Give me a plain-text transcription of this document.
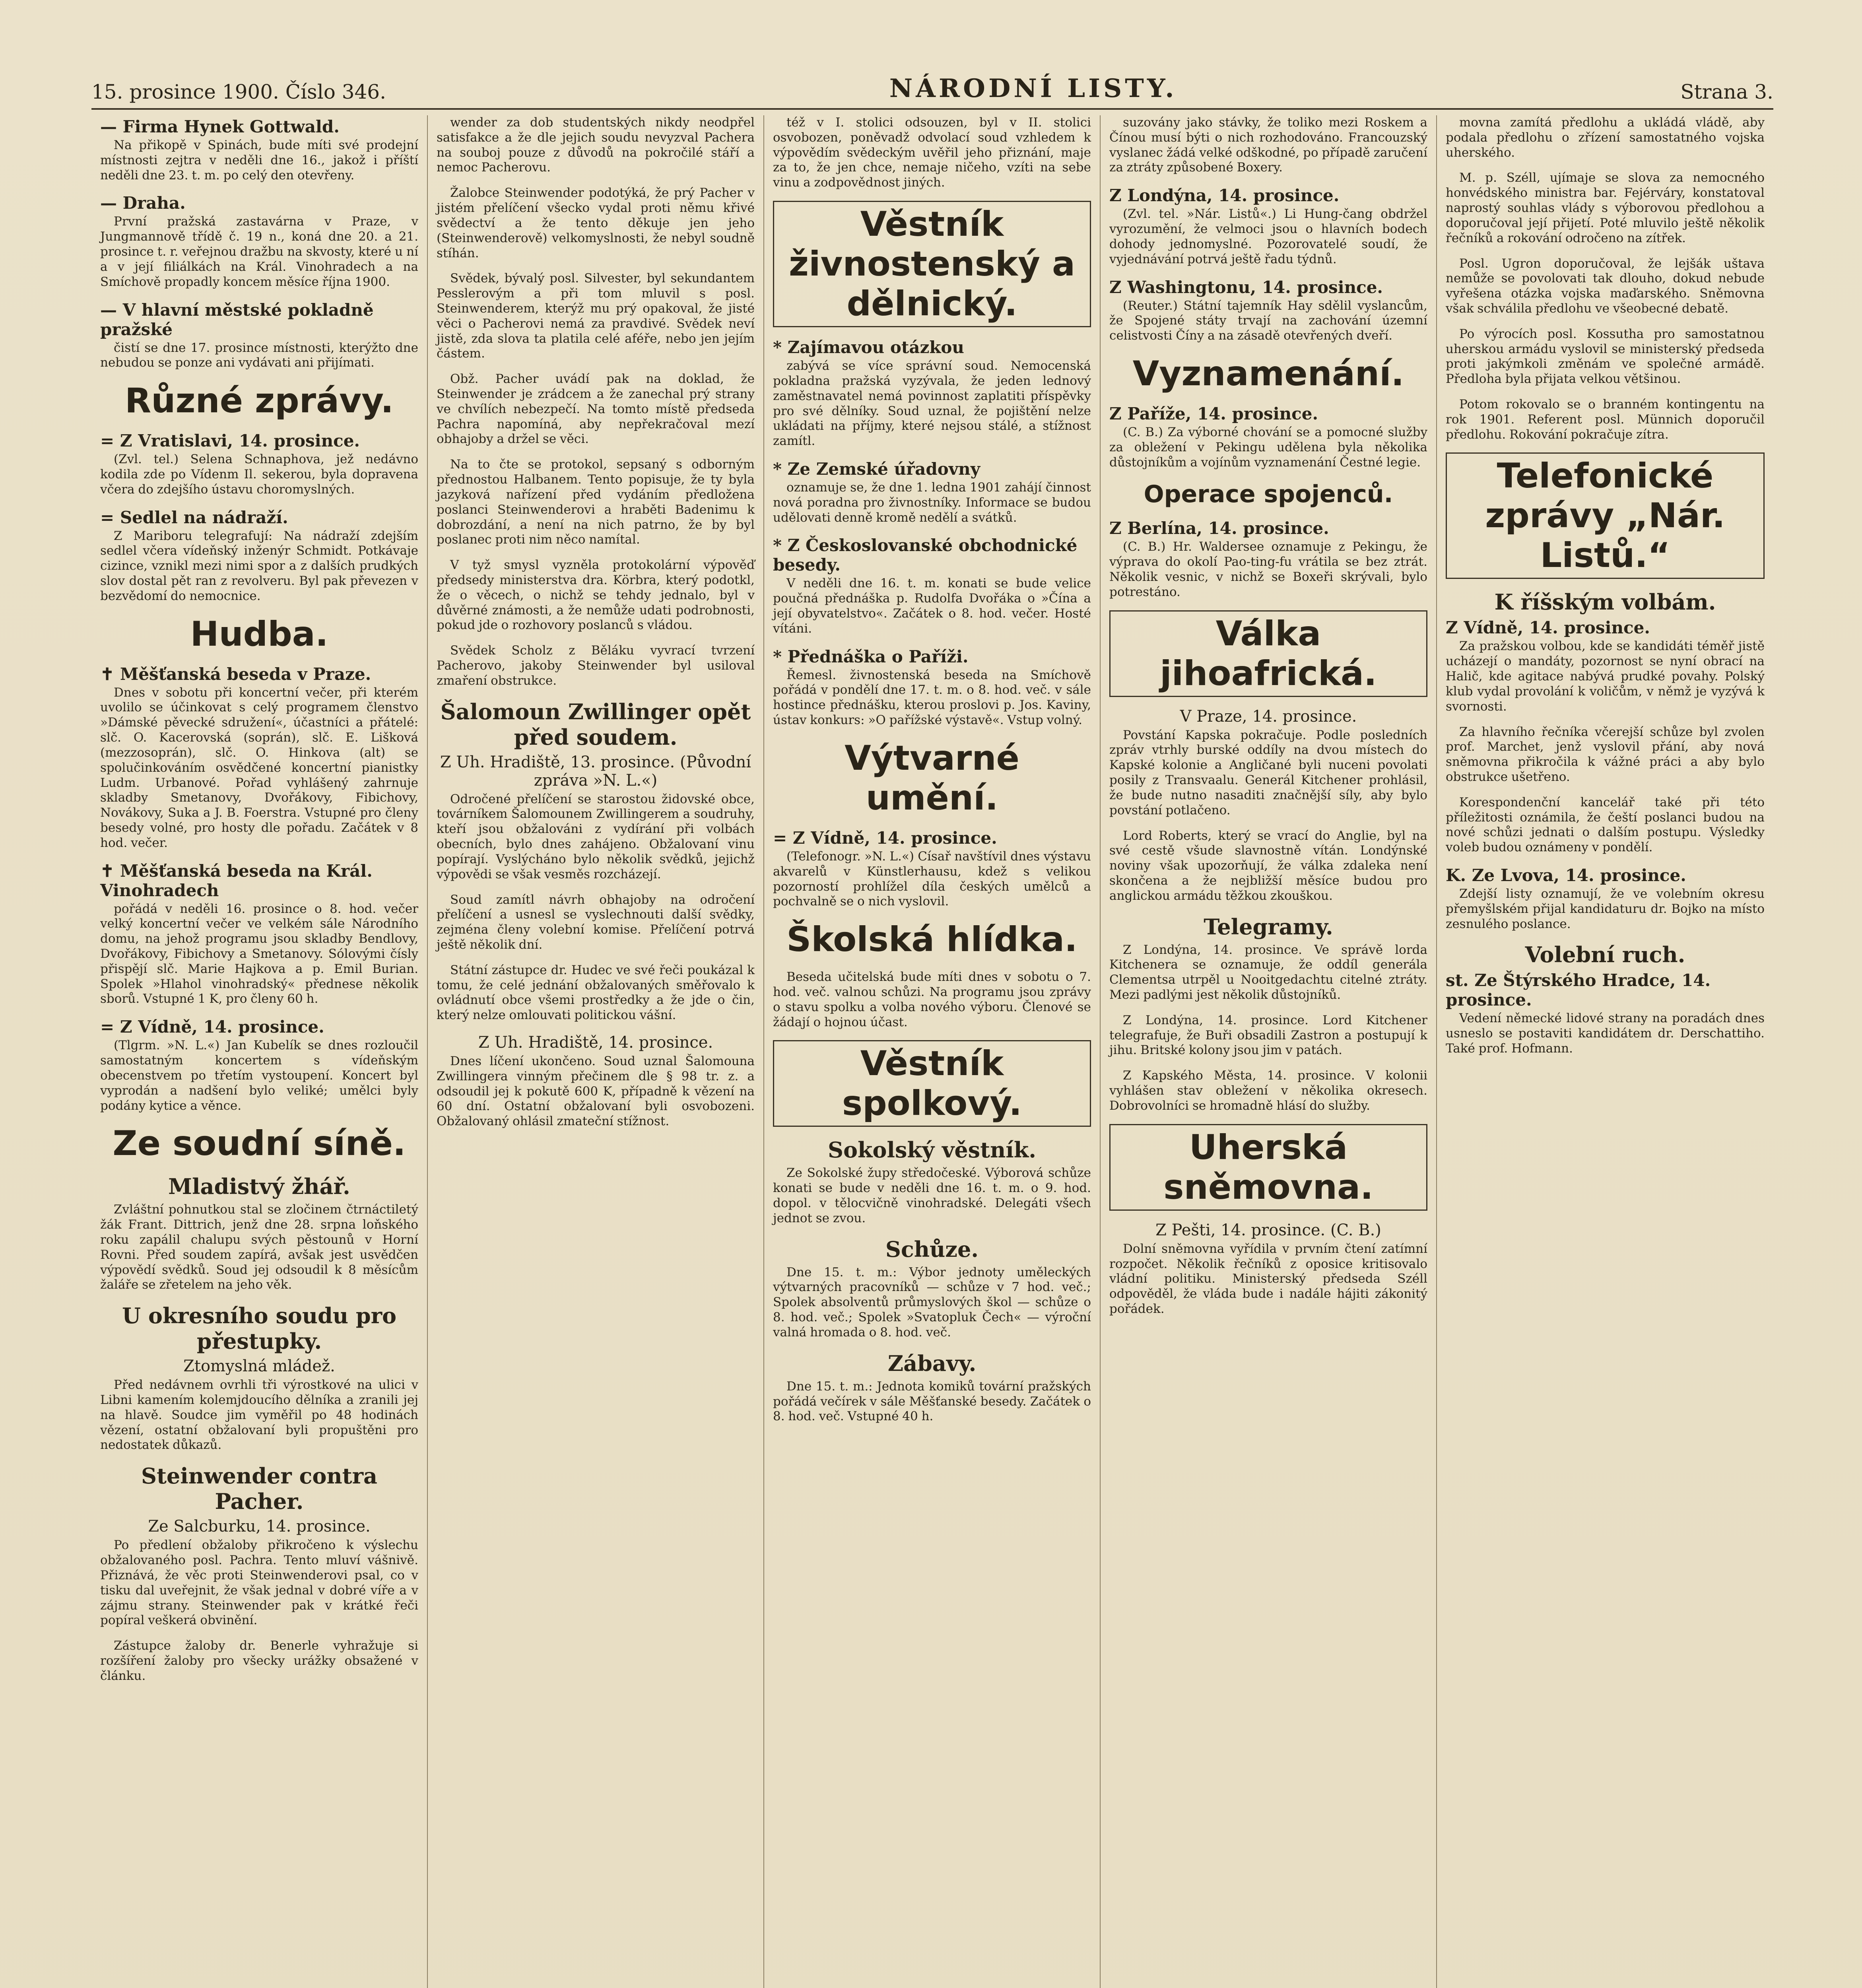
15. prosince 1900. Číslo 346.	NÁRODNÍ LISTY.	Strana 3.
— Firma Hynek Gottwald.

Na přikopě v Spinách, bude míti své prodejní místnosti zejtra v neděli dne 16., jakož i příští neděli dne 23. t. m. po celý den otevřeny.

— Draha.

První pražská zastavárna v Praze, v Jungmannově třídě č. 19 n., koná dne 20. a 21. prosince t. r. veřejnou dražbu na skvosty, které u ní a v její filiálkách na Král. Vinohradech a na Smíchově propadly koncem měsíce října 1900.

— V hlavní městské pokladně pražské

čistí se dne 17. prosince místnosti, kterýžto dne nebudou se ponze ani vydávati ani přijímati.

Různé zprávy.
= Z Vratislavi, 14. prosince.

(Zvl. tel.) Selena Schnaphova, jež nedávno kodila zde po Vídenm Il. sekerou, byla dopravena včera do zdejšího ústavu choromyslných.

= Sedlel na nádraží.

Z Mariboru telegrafují: Na nádraží zdejším sedlel včera vídeňský inženýr Schmidt. Potkávaje cizince, vznikl mezi nimi spor a z dalších prudkých slov dostal pět ran z revolveru. Byl pak převezen v bezvědomí do nemocnice.

Hudba.
✝ Měšťanská beseda v Praze.

Dnes v sobotu při koncertní večer, při kterém uvolilo se účinkovat s celý programem členstvo »Dámské pěvecké sdružení«, účastníci a přátelé: slč. O. Kacerovská (soprán), slč. E. Lišková (mezzosoprán), slč. O. Hinkova (alt) se spolučinkováním osvědčené koncertní pianistky Ludm. Urbanové. Pořad vyhlášený zahrnuje skladby Smetanovy, Dvořákovy, Fibichovy, Novákovy, Suka a J. B. Foerstra. Vstupné pro členy besedy volné, pro hosty dle pořadu. Začátek v 8 hod. večer.

✝ Měšťanská beseda na Král. Vinohradech

pořádá v neděli 16. prosince o 8. hod. večer velký koncertní večer ve velkém sále Národního domu, na jehož programu jsou skladby Bendlovy, Dvořákovy, Fibichovy a Smetanovy. Sólovými čísly přispějí slč. Marie Hajkova a p. Emil Burian. Spolek »Hlahol vinohradský« přednese několik sborů. Vstupné 1 K, pro členy 60 h.

= Z Vídně, 14. prosince.

(Tlgrm. »N. L.«) Jan Kubelík se dnes rozloučil samostatným koncertem s vídeňským obecenstvem po třetím vystoupení. Koncert byl vyprodán a nadšení bylo veliké; umělci byly podány kytice a věnce.

Ze soudní síně.
Mladistvý žhář.

Zvláštní pohnutkou stal se zločinem čtrnáctiletý žák Frant. Dittrich, jenž dne 28. srpna loňského roku zapálil chalupu svých pěstounů v Horní Rovni. Před soudem zapírá, avšak jest usvědčen výpovědí svědků. Soud jej odsoudil k 8 měsícům žaláře se zřetelem na jeho věk.

U okresního soudu pro přestupky.
Ztomyslná mládež.

Před nedávnem ovrhli tři výrostkové na ulici v Libni kamením kolemjdoucího dělníka a zranili jej na hlavě. Soudce jim vyměřil po 48 hodinách vězení, ostatní obžalovaní byli propuštěni pro nedostatek důkazů.

Steinwender contra Pacher.
Ze Salcburku, 14. prosince.

Po předlení obžaloby přikročeno k výslechu obžalovaného posl. Pachra. Tento mluví vášnivě. Přiznává, že věc proti Steinwenderovi psal, co v tisku dal uveřejnit, že však jednal v dobré víře a v zájmu strany. Steinwender pak v krátké řeči popíral veškerá obvinění.

Zástupce žaloby dr. Benerle vyhražuje si rozšíření žaloby pro všecky urážky obsažené v článku.

wender za dob studentských nikdy neodpřel satisfakce a že dle jejich soudu nevyzval Pachera na souboj pouze z důvodů na pokročilé stáří a nemoc Pacherovu.

Žalobce Steinwender podotýká, že prý Pacher v jistém přelíčení všecko vydal proti němu křivé svědectví a že tento děkuje jen jeho (Steinwenderově) velkomyslnosti, že nebyl soudně stíhán.

Svědek, bývalý posl. Silvester, byl sekundantem Pesslerovým a při tom mluvil s posl. Steinwenderem, kterýž mu prý opakoval, že jisté věci o Pacherovi nemá za pravdivé. Svědek neví jistě, zda slova ta platila celé aféře, nebo jen jejím částem.

Obž. Pacher uvádí pak na doklad, že Steinwender je zrádcem a že zanechal prý strany ve chvílích nebezpečí. Na tomto místě předseda Pachra napomíná, aby nepřekračoval mezí obhajoby a držel se věci.

Na to čte se protokol, sepsaný s odborným přednostou Halbanem. Tento popisuje, že ty byla jazyková nařízení před vydáním předložena poslanci Steinwenderovi a hraběti Badenimu k dobrozdání, a není na nich patrno, že by byl poslanec proti nim něco namítal.

V tyž smysl vyzněla protokolární výpověď předsedy ministerstva dra. Körbra, který podotkl, že o věcech, o nichž se tehdy jednalo, byl v důvěrné známosti, a že nemůže udati podrobnosti, pokud jde o rozhovory poslanců s vládou.

Svědek Scholz z Běláku vyvrací tvrzení Pacherovo, jakoby Steinwender byl usiloval zmaření obstrukce.

Šalomoun Zwillinger opět před soudem.
Z Uh. Hradiště, 13. prosince. (Původní zpráva »N. L.«)

Odročené přelíčení se starostou židovské obce, továrníkem Šalomounem Zwillingerem a soudruhy, kteří jsou obžalováni z vydírání při volbách obecních, bylo dnes zahájeno. Obžalovaní vinu popírají. Vyslýcháno bylo několik svědků, jejichž výpovědi se však vesměs rozcházejí.

Soud zamítl návrh obhajoby na odročení přelíčení a usnesl se vyslechnouti další svědky, zejména členy volební komise. Přelíčení potrvá ještě několik dní.

Státní zástupce dr. Hudec ve své řeči poukázal k tomu, že celé jednání obžalovaných směřovalo k ovládnutí obce všemi prostředky a že jde o čin, který nelze omlouvati politickou vášní.

Z Uh. Hradiště, 14. prosince.

Dnes líčení ukončeno. Soud uznal Šalomouna Zwillingera vinným přečinem dle § 98 tr. z. a odsoudil jej k pokutě 600 K, případně k vězení na 60 dní. Ostatní obžalovaní byli osvobozeni. Obžalovaný ohlásil zmateční stížnost.

též v I. stolici odsouzen, byl v II. stolici osvobozen, poněvadž odvolací soud vzhledem k výpovědím svědeckým uvěřil jeho přiznání, maje za to, že jen chce, nemaje ničeho, vzíti na sebe vinu a zodpovědnost jiných.

Věstník živnostenský a dělnický.
* Zajímavou otázkou

zabývá se více správní soud. Nemocenská pokladna pražská vyzývala, že jeden lednový zaměstnavatel nemá povinnost zaplatiti příspěvky pro své dělníky. Soud uznal, že pojištění nelze ukládati na příjmy, které nejsou stálé, a stížnost zamítl.

* Ze Zemské úřadovny

oznamuje se, že dne 1. ledna 1901 zahájí činnost nová poradna pro živnostníky. Informace se budou udělovati denně kromě nedělí a svátků.

* Z Českoslovanské obchodnické besedy.

V neděli dne 16. t. m. konati se bude velice poučná přednáška p. Rudolfa Dvořáka o »Čína a její obyvatelstvo«. Začátek o 8. hod. večer. Hosté vítáni.

* Přednáška o Paříži.

Řemesl. živnostenská beseda na Smíchově pořádá v pondělí dne 17. t. m. o 8. hod. več. v sále hostince přednášku, kterou proslovi p. Jos. Kaviny, ústav konkurs: »O pařížské výstavě«. Vstup volný.

Výtvarné umění.
= Z Vídně, 14. prosince.

(Telefonogr. »N. L.«) Císař navštívil dnes výstavu akvarelů v Künstlerhausu, kdež s velikou pozorností prohlížel díla českých umělců a pochvalně se o nich vyslovil.

Školská hlídka.

Beseda učitelská bude míti dnes v sobotu o 7. hod. več. valnou schůzi. Na programu jsou zprávy o stavu spolku a volba nového výboru. Členové se žádají o hojnou účast.

Věstník spolkový.
Sokolský věstník.

Ze Sokolské župy středočeské. Výborová schůze konati se bude v neděli dne 16. t. m. o 9. hod. dopol. v tělocvičně vinohradské. Delegáti všech jednot se zvou.

Schůze.

Dne 15. t. m.: Výbor jednoty uměleckých výtvarných pracovníků — schůze v 7 hod. več.; Spolek absolventů průmyslových škol — schůze o 8. hod. več.; Spolek »Svatopluk Čech« — výroční valná hromada o 8. hod. več.

Zábavy.

Dne 15. t. m.: Jednota komiků tovární pražských pořádá večírek v sále Měšťanské besedy. Začátek o 8. hod. več. Vstupné 40 h.

suzovány jako stávky, že toliko mezi Roskem a Čínou musí býti o nich rozhodováno. Francouzský vyslanec žádá velké odškodné, po případě zaručení za ztráty způsobené Boxery.

Z Londýna, 14. prosince.

(Zvl. tel. »Nár. Listů«.) Li Hung-čang obdržel vyrozumění, že velmoci jsou o hlavních bodech dohody jednomyslné. Pozorovatelé soudí, že vyjednávání potrvá ještě řadu týdnů.

Z Washingtonu, 14. prosince.

(Reuter.) Státní tajemník Hay sdělil vyslancům, že Spojené státy trvají na zachování územní celistvosti Číny a na zásadě otevřených dveří.

Vyznamenání.
Z Paříže, 14. prosince.

(C. B.) Za výborné chování se a pomocné služby za obležení v Pekingu udělena byla několika důstojníkům a vojínům vyznamenání Čestné legie.

Operace spojenců.
Z Berlína, 14. prosince.

(C. B.) Hr. Waldersee oznamuje z Pekingu, že výprava do okolí Pao-ting-fu vrátila se bez ztrát. Několik vesnic, v nichž se Boxeři skrývali, bylo potrestáno.

Válka jihoafrická.
V Praze, 14. prosince.

Povstání Kapska pokračuje. Podle posledních zpráv vtrhly burské oddíly na dvou místech do Kapské kolonie a Angličané byli nuceni povolati posily z Transvaalu. Generál Kitchener prohlásil, že bude nutno nasaditi značnější síly, aby bylo povstání potlačeno.

Lord Roberts, který se vrací do Anglie, byl na své cestě všude slavnostně vítán. Londýnské noviny však upozorňují, že válka zdaleka není skončena a že nejbližší měsíce budou pro anglickou armádu těžkou zkouškou.

Telegramy.

Z Londýna, 14. prosince. Ve správě lorda Kitchenera se oznamuje, že oddíl generála Clementsa utrpěl u Nooitgedachtu citelné ztráty. Mezi padlými jest několik důstojníků.

Z Londýna, 14. prosince. Lord Kitchener telegrafuje, že Buři obsadili Zastron a postupují k jihu. Britské kolony jsou jim v patách.

Z Kapského Města, 14. prosince. V kolonii vyhlášen stav obležení v několika okresech. Dobrovolníci se hromadně hlásí do služby.

Uherská sněmovna.
Z Pešti, 14. prosince. (C. B.)

Dolní sněmovna vyřídila v prvním čtení zatímní rozpočet. Několik řečníků z oposice kritisovalo vládní politiku. Ministerský předseda Széll odpověděl, že vláda bude i nadále hájiti zákonitý pořádek.

movna zamítá předlohu a ukládá vládě, aby podala předlohu o zřízení samostatného vojska uherského.

M. p. Széll, ujímaje se slova za nemocného honvédského ministra bar. Fejérváry, konstatoval naprostý souhlas vlády s výborovou předlohou a doporučoval její přijetí. Poté mluvilo ještě několik řečníků a rokování odročeno na zítřek.

Posl. Ugron doporučoval, že lejšák uštava nemůže se povolovati tak dlouho, dokud nebude vyřešena otázka vojska maďarského. Sněmovna však schválila předlohu ve všeobecné debatě.

Po výrocích posl. Kossutha pro samostatnou uherskou armádu vyslovil se ministerský předseda proti jakýmkoli změnám ve společné armádě. Předloha byla přijata velkou většinou.

Potom rokovalo se o branném kontingentu na rok 1901. Referent posl. Münnich doporučil předlohu. Rokování pokračuje zítra.

Telefonické zprávy „Nár. Listů.“
K říšským volbám.
Z Vídně, 14. prosince.

Za pražskou volbou, kde se kandidáti téměř jistě ucházejí o mandáty, pozornost se nyní obrací na Halič, kde agitace nabývá prudké povahy. Polský klub vydal provolání k voličům, v němž je vyzývá k svornosti.

Za hlavního řečníka včerejší schůze byl zvolen prof. Marchet, jenž vyslovil přání, aby nová sněmovna přikročila k vážné práci a aby bylo obstrukce ušetřeno.

Korespondenční kancelář také při této příležitosti oznámila, že čeští poslanci budou na nové schůzi jednati o dalším postupu. Výsledky voleb budou oznámeny v pondělí.

K. Ze Lvova, 14. prosince.

Zdejší listy oznamují, že ve volebním okresu přemyšlském přijal kandidaturu dr. Bojko na místo zesnulého poslance.

Volební ruch.
st. Ze Štýrského Hradce, 14. prosince.

Vedení německé lidové strany na poradách dnes usneslo se postaviti kandidátem dr. Derschattiho. Také prof. Hofmann.
